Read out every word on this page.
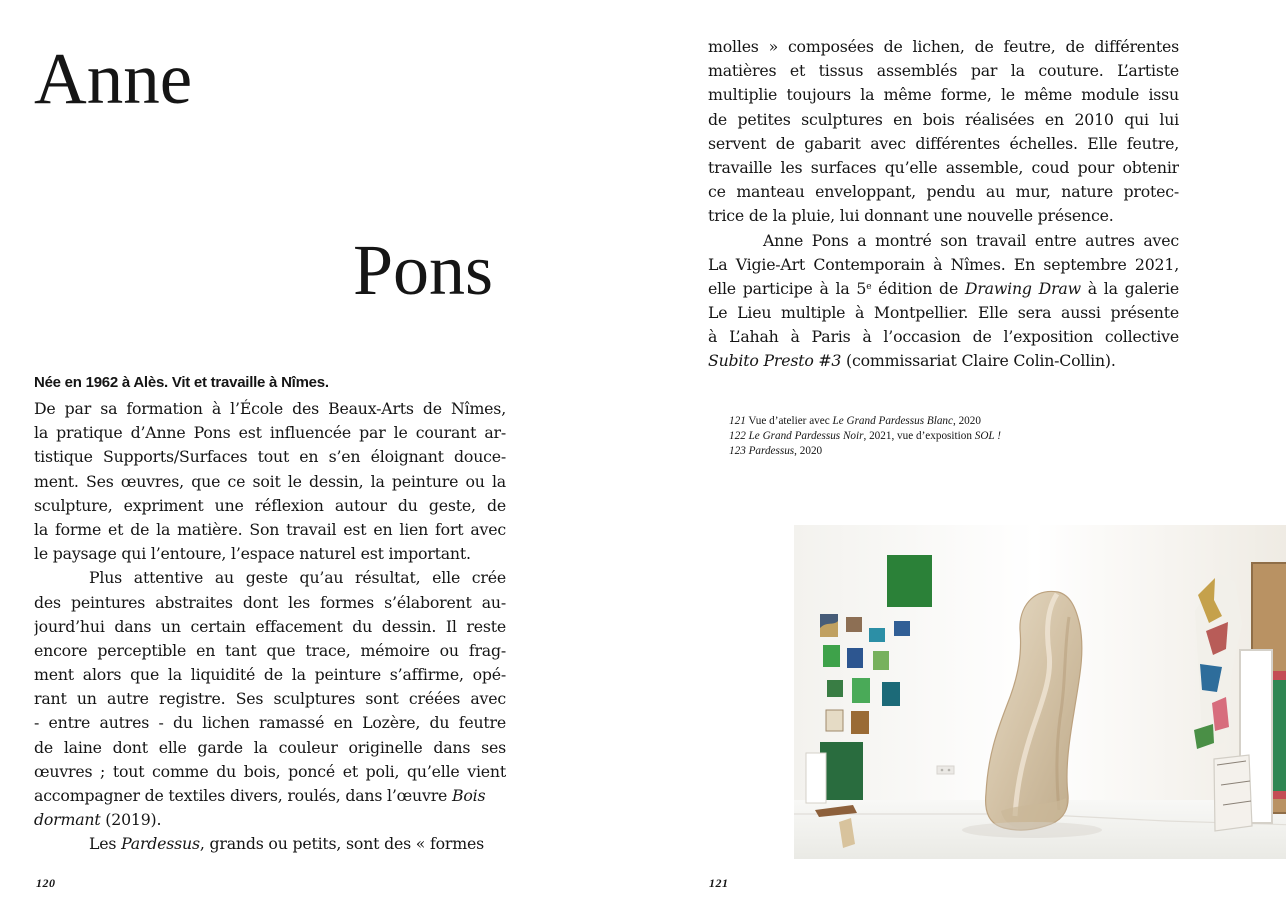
Anne
Pons

Née en 1962 à Alès. Vit et travaille à Nîmes.

De par sa formation à l’École des Beaux-Arts de Nîmes,
la pratique d’Anne Pons est influencée par le courant ar-
tistique Supports/Surfaces tout en s’en éloignant douce-
ment. Ses œuvres, que ce soit le dessin, la peinture ou la
sculpture, expriment une réflexion autour du geste, de
la forme et de la matière. Son travail est en lien fort avec
le paysage qui l’entoure, l’espace naturel est important.
Plus attentive au geste qu’au résultat, elle crée
des peintures abstraites dont les formes s’élaborent au-
jourd’hui dans un certain effacement du dessin. Il reste
encore perceptible en tant que trace, mémoire ou frag-
ment alors que la liquidité de la peinture s’affirme, opé-
rant un autre registre. Ses sculptures sont créées avec
- entre autres - du lichen ramassé en Lozère, du feutre
de laine dont elle garde la couleur originelle dans ses
œuvres ; tout comme du bois, poncé et poli, qu’elle vient
accompagner de textiles divers, roulés, dans l’œuvre Bois
dormant (2019).
Les Pardessus, grands ou petits, sont des « formes
120
molles » composées de lichen, de feutre, de différentes
matières et tissus assemblés par la couture. L’artiste
multiplie toujours la même forme, le même module issu
de petites sculptures en bois réalisées en 2010 qui lui
servent de gabarit avec différentes échelles. Elle feutre,
travaille les surfaces qu’elle assemble, coud pour obtenir
ce manteau enveloppant, pendu au mur, nature protec-
trice de la pluie, lui donnant une nouvelle présence.
Anne Pons a montré son travail entre autres avec
La Vigie-Art Contemporain à Nîmes. En septembre 2021,
elle participe à la 5e édition de Drawing Draw à la galerie
Le Lieu multiple à Montpellier. Elle sera aussi présente
à L’ahah à Paris à l’occasion de l’exposition collective
Subito Presto #3 (commissariat Claire Colin-Collin).
121 Vue d’atelier avec Le Grand Pardessus Blanc, 2020
122 Le Grand Pardessus Noir, 2021, vue d’exposition SOL !
123 Pardessus, 2020
121
